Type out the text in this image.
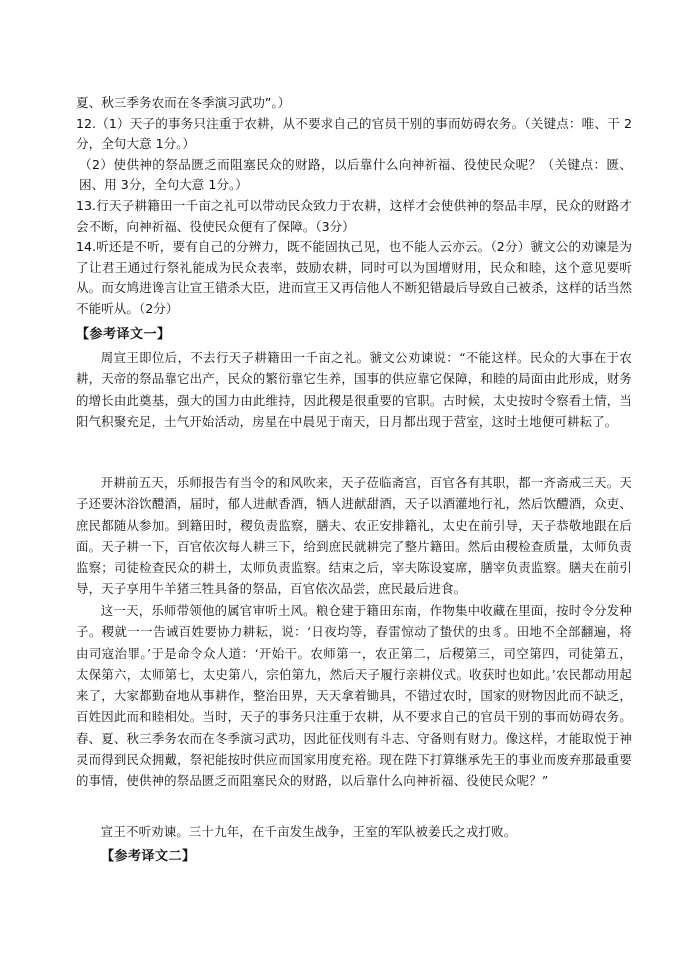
夏、秋三季务农而在冬季演习武功”。）

12.（1）天子的事务只注重于农耕，从不要求自己的官员干别的事而妨碍农务。（关键点：唯、干 2分，全句大意 1分。）

（2）使供神的祭品匮乏而阻塞民众的财路，以后靠什么向神祈福、役使民众呢？（关键点：匮、困、用 3分，全句大意 1分。）

13.行天子耕籍田一千亩之礼可以带动民众致力于农耕，这样才会使供神的祭品丰厚，民众的财路才会不断，向神祈福、役使民众便有了保障。（3分）

14.听还是不听，要有自己的分辨力，既不能固执己见，也不能人云亦云。（2分）虢文公的劝谏是为了让君王通过行祭礼能成为民众表率，鼓励农耕，同时可以为国增财用，民众和睦，这个意见要听从。而女鸠进谗言让宣王错杀大臣，进而宣王又再信他人不断犯错最后导致自己被杀，这样的话当然不能听从。（2分）

【参考译文一】

周宣王即位后，不去行天子耕籍田一千亩之礼。虢文公劝谏说：“不能这样。民众的大事在于农耕，天帝的祭品靠它出产，民众的繁衍靠它生养，国事的供应靠它保障，和睦的局面由此形成，财务的增长由此奠基，强大的国力由此维持，因此稷是很重要的官职。古时候，太史按时令察看土情，当阳气积聚充足，土气开始活动，房星在中晨见于南天，日月都出现于营室，这时土地便可耕耘了。

开耕前五天，乐师报告有当令的和风吹来，天子莅临斋宫，百官各有其职，都一齐斋戒三天。天子还要沐浴饮醴酒，届时，郁人进献香酒，牺人进献甜酒，天子以酒灌地行礼，然后饮醴酒，众吏、庶民都随从参加。到籍田时，稷负责监察，膳夫、农正安排籍礼，太史在前引导，天子恭敬地跟在后面。天子耕一下，百官依次每人耕三下，给到庶民就耕完了整片籍田。然后由稷检查质量，太师负责监察；司徒检查民众的耕土，太师负责监察。结束之后，宰夫陈设宴席，膳宰负责监察。膳夫在前引导，天子享用牛羊猪三牲具备的祭品，百官依次品尝，庶民最后进食。

这一天，乐师带领他的属官审听土风。粮仓建于籍田东南，作物集中收藏在里面，按时令分发种子。稷就一一告诫百姓要协力耕耘，说：‘日夜均等，春雷惊动了蛰伏的虫豸。田地不全部翻遍，将由司寇治罪。’于是命令众人道：‘开始干。农师第一，农正第二，后稷第三，司空第四，司徒第五，太保第六，太师第七，太史第八，宗伯第九，然后天子履行亲耕仪式。收获时也如此。’农民都动用起来了，大家都勤奋地从事耕作，整治田界，天天拿着锄具，不错过农时，国家的财物因此而不缺乏，百姓因此而和睦相处。当时，天子的事务只注重于农耕，从不要求自己的官员干别的事而妨碍农务。春、夏、秋三季务农而在冬季演习武功，因此征伐则有斗志、守备则有财力。像这样，才能取悦于神灵而得到民众拥戴，祭祀能按时供应而国家用度充裕。现在陛下打算继承先王的事业而废弃那最重要的事情，使供神的祭品匮乏而阻塞民众的财路，以后靠什么向神祈福、役使民众呢？”

宣王不听劝谏。三十九年，在千亩发生战争，王室的军队被姜氏之戎打败。

【参考译文二】
